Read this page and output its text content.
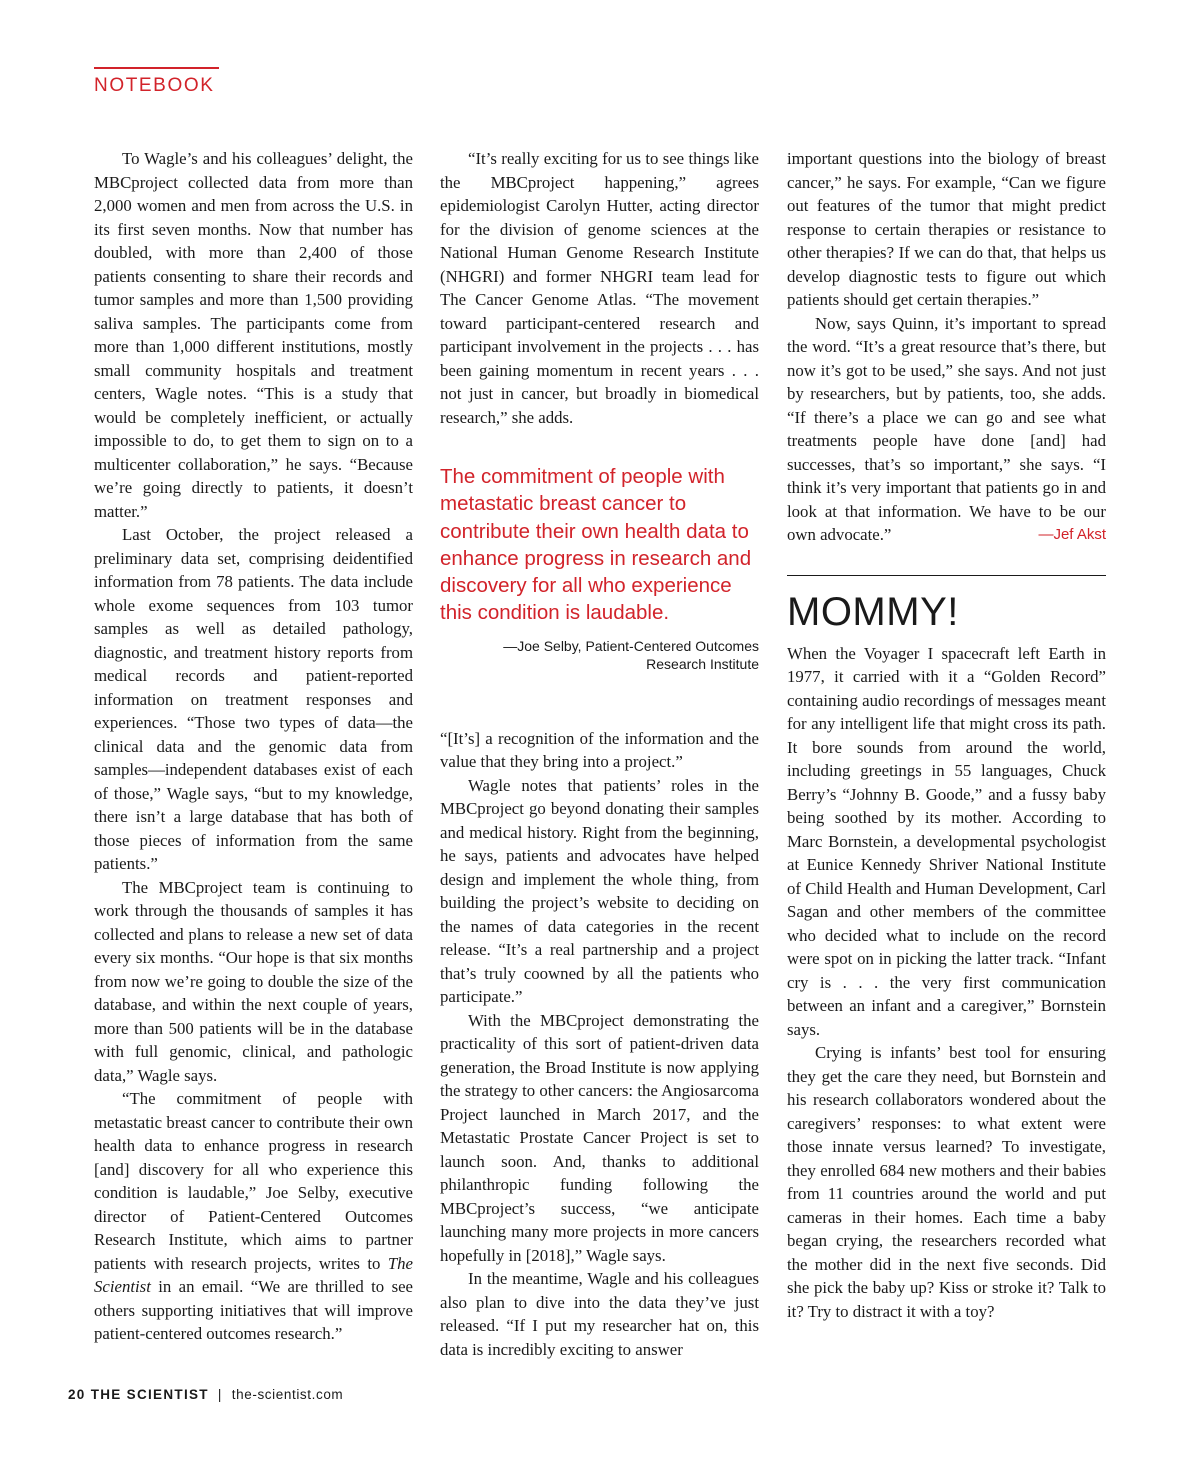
NOTEBOOK

To Wagle’s and his colleagues’ delight, the MBCproject collected data from more than 2,000 women and men from across the U.S. in its first seven months. Now that number has doubled, with more than 2,400 of those patients consenting to share their records and tumor samples and more than 1,500 providing saliva samples. The participants come from more than 1,000 different institutions, mostly small community hospitals and treatment centers, Wagle notes. “This is a study that would be completely inefficient, or actually impossible to do, to get them to sign on to a multicenter collaboration,” he says. “Because we’re going directly to patients, it doesn’t matter.”

Last October, the project released a preliminary data set, comprising deidentified information from 78 patients. The data include whole exome sequences from 103 tumor samples as well as detailed pathology, diagnostic, and treatment history reports from medical records and patient-reported information on treatment responses and experiences. “Those two types of data—the clinical data and the genomic data from samples—independent databases exist of each of those,” Wagle says, “but to my knowledge, there isn’t a large database that has both of those pieces of information from the same patients.”

The MBCproject team is continuing to work through the thousands of samples it has collected and plans to release a new set of data every six months. “Our hope is that six months from now we’re going to double the size of the database, and within the next couple of years, more than 500 patients will be in the database with full genomic, clinical, and pathologic data,” Wagle says.

“The commitment of people with metastatic breast cancer to contribute their own health data to enhance progress in research [and] discovery for all who experience this condition is laudable,” Joe Selby, executive director of Patient-Centered Outcomes Research Institute, which aims to partner patients with research projects, writes to The Scientist in an email. “We are thrilled to see others supporting initiatives that will improve patient-centered outcomes research.”

“It’s really exciting for us to see things like the MBCproject happening,” agrees epidemiologist Carolyn Hutter, acting director for the division of genome sciences at the National Human Genome Research Institute (NHGRI) and former NHGRI team lead for The Cancer Genome Atlas. “The movement toward participant-centered research and participant involvement in the projects . . . has been gaining momentum in recent years . . . not just in cancer, but broadly in biomedical research,” she adds.

The commitment of people with metastatic breast cancer to contribute their own health data to enhance progress in research and discovery for all who experience this condition is laudable.
—Joe Selby, Patient-Centered Outcomes
Research Institute

“[It’s] a recognition of the information and the value that they bring into a project.”

Wagle notes that patients’ roles in the MBCproject go beyond donating their samples and medical history. Right from the beginning, he says, patients and advocates have helped design and implement the whole thing, from building the project’s website to deciding on the names of data categories in the recent release. “It’s a real partnership and a project that’s truly coowned by all the patients who participate.”

With the MBCproject demonstrating the practicality of this sort of patient-driven data generation, the Broad Institute is now applying the strategy to other cancers: the Angiosarcoma Project launched in March 2017, and the Metastatic Prostate Cancer Project is set to launch soon. And, thanks to additional philanthropic funding following the MBCproject’s success, “we anticipate launching many more projects in more cancers hopefully in [2018],” Wagle says.

In the meantime, Wagle and his colleagues also plan to dive into the data they’ve just released. “If I put my researcher hat on, this data is incredibly exciting to answer

important questions into the biology of breast cancer,” he says. For example, “Can we figure out features of the tumor that might predict response to certain therapies or resistance to other therapies? If we can do that, that helps us develop diagnostic tests to figure out which patients should get certain therapies.”

Now, says Quinn, it’s important to spread the word. “It’s a great resource that’s there, but now it’s got to be used,” she says. And not just by researchers, but by patients, too, she adds. “If there’s a place we can go and see what treatments people have done [and] had successes, that’s so important,” she says. “I think it’s very important that patients go in and look at that information. We have to be our own advocate.”	—Jef Akst

MOMMY!

When the Voyager I spacecraft left Earth in 1977, it carried with it a “Golden Record” containing audio recordings of messages meant for any intelligent life that might cross its path. It bore sounds from around the world, including greetings in 55 languages, Chuck Berry’s “Johnny B. Goode,” and a fussy baby being soothed by its mother. According to Marc Bornstein, a developmental psychologist at Eunice Kennedy Shriver National Institute of Child Health and Human Development, Carl Sagan and other members of the committee who decided what to include on the record were spot on in picking the latter track. “Infant cry is . . . the very first communication between an infant and a caregiver,” Bornstein says.

Crying is infants’ best tool for ensuring they get the care they need, but Bornstein and his research collaborators wondered about the caregivers’ responses: to what extent were those innate versus learned? To investigate, they enrolled 684 new mothers and their babies from 11 countries around the world and put cameras in their homes. Each time a baby began crying, the researchers recorded what the mother did in the next five seconds. Did she pick the baby up? Kiss or stroke it? Talk to it? Try to distract it with a toy?

20 THE SCIENTIST | the-scientist.com
